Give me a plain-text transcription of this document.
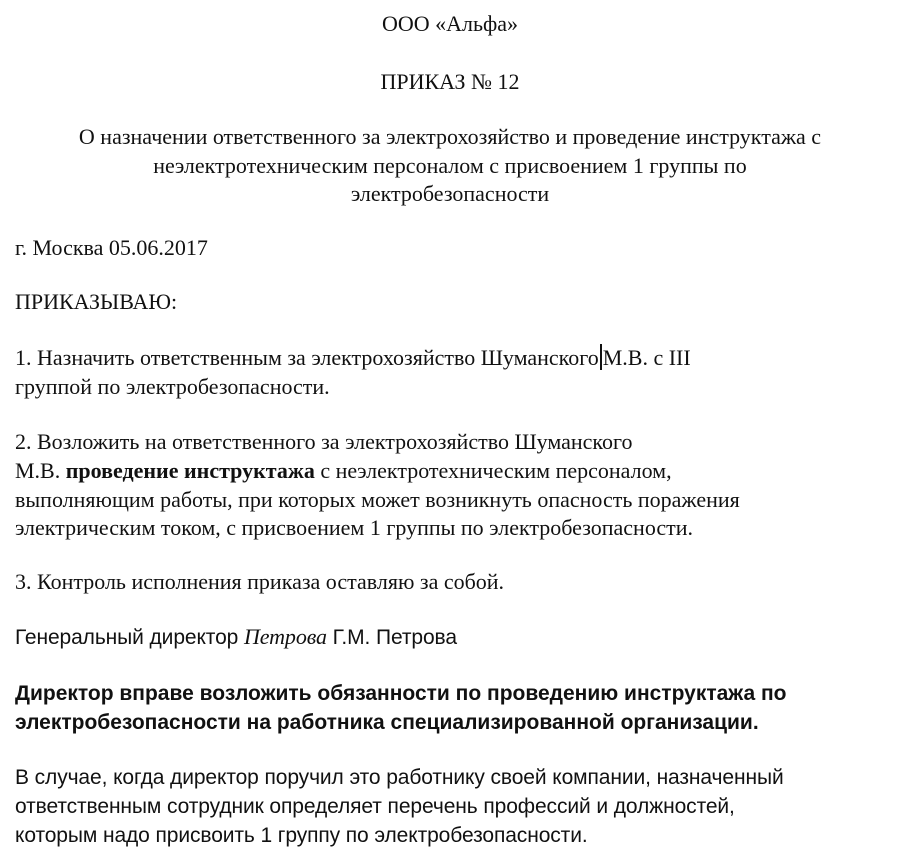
ООО «Альфа»
ПРИКАЗ № 12
О назначении ответственного за электрохозяйство и проведение инструктажа с
неэлектротехническим персоналом с присвоением 1 группы по
электробезопасности
г. Москва 05.06.2017
ПРИКАЗЫВАЮ:
1. Назначить ответственным за электрохозяйство Шуманского М.В. с III
группой по электробезопасности.
2. Возложить на ответственного за электрохозяйство Шуманского
М.В. проведение инструктажа с неэлектротехническим персоналом,
выполняющим работы, при которых может возникнуть опасность поражения
электрическим током, с присвоением 1 группы по электробезопасности.
3. Контроль исполнения приказа оставляю за собой.
Генеральный директор Петрова Г.М. Петрова
Директор вправе возложить обязанности по проведению инструктажа по
электробезопасности на работника специализированной организации.
В случае, когда директор поручил это работнику своей компании, назначенный
ответственным сотрудник определяет перечень профессий и должностей,
которым надо присвоить 1 группу по электробезопасности.
